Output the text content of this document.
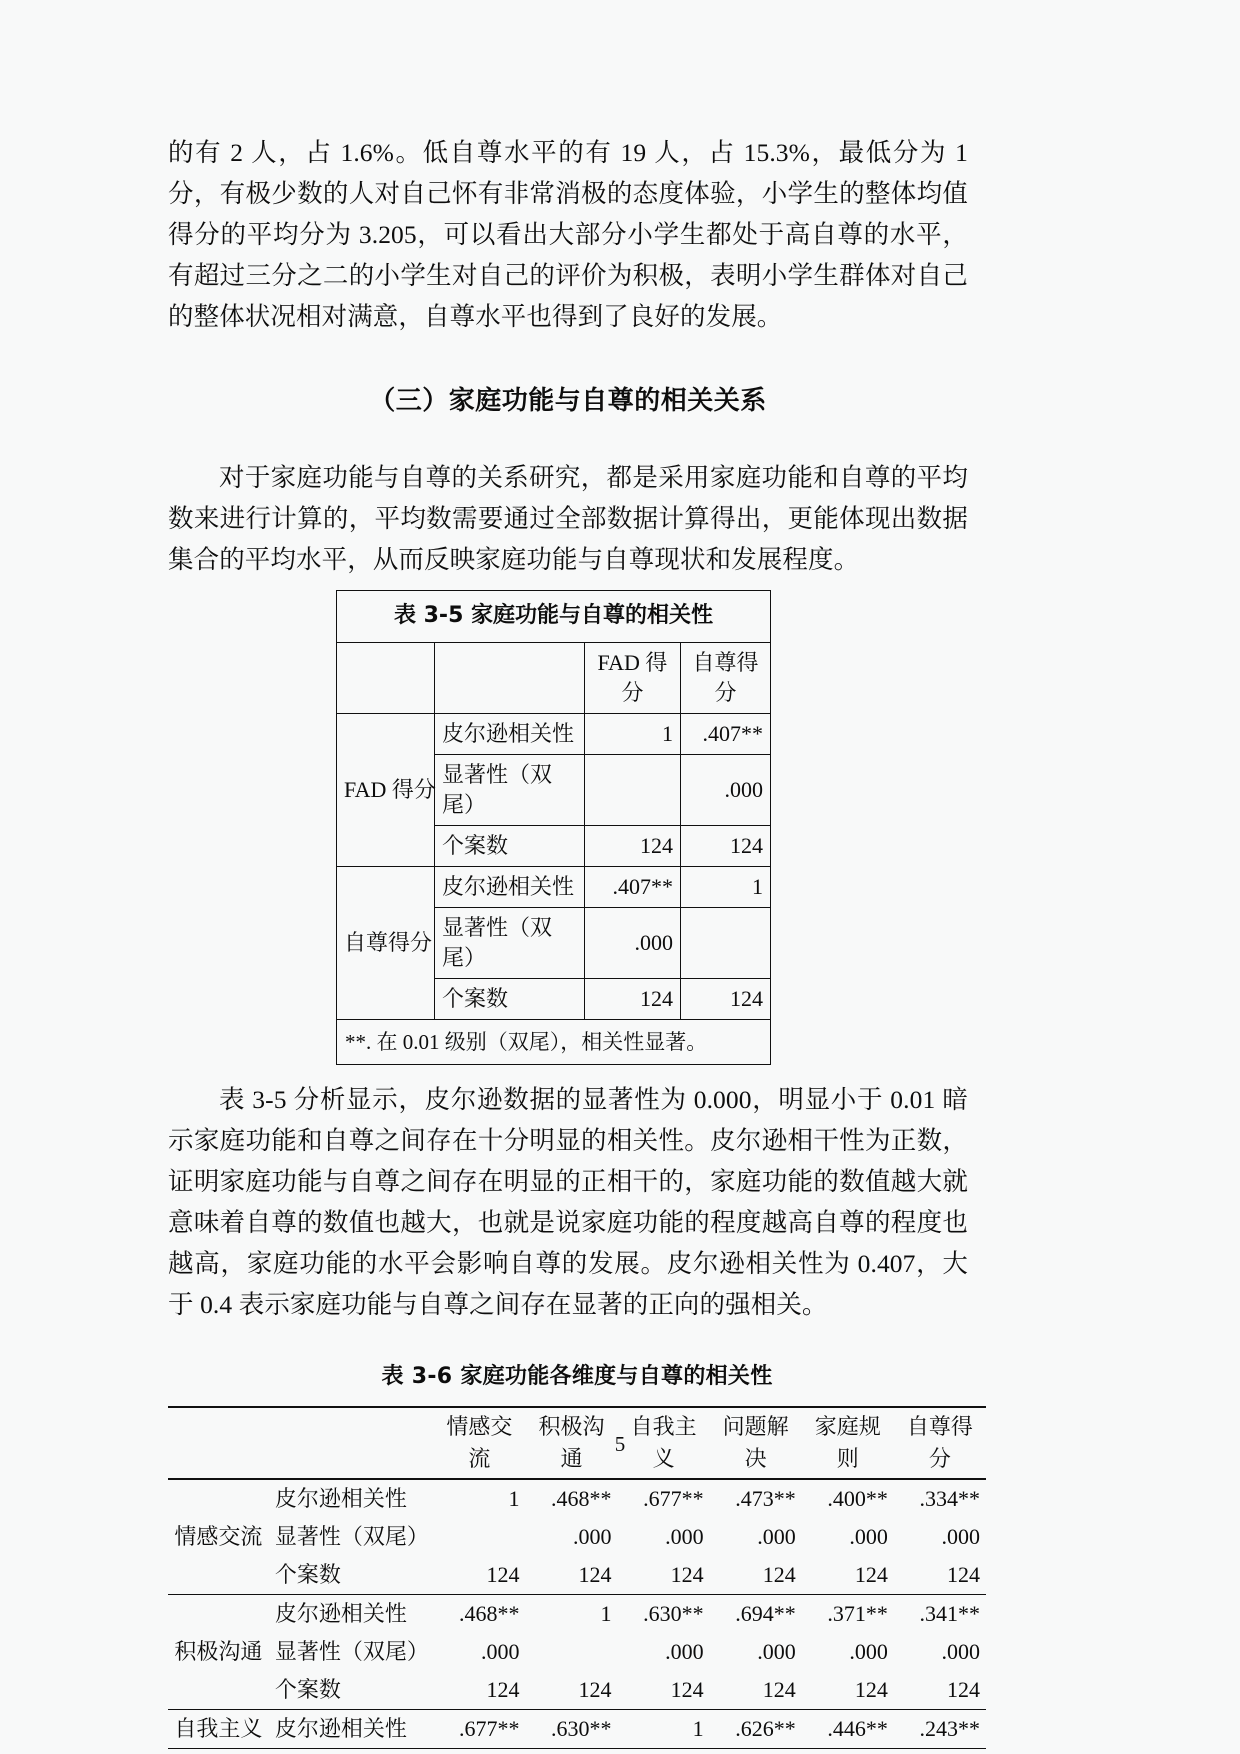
的有 2 人，占 1.6%。低自尊水平的有 19 人，占 15.3%，最低分为 1 分，有极少数的人对自己怀有非常消极的态度体验，小学生的整体均值得分的平均分为 3.205，可以看出大部分小学生都处于高自尊的水平，有超过三分之二的小学生对自己的评价为积极，表明小学生群体对自己的整体状况相对满意，自尊水平也得到了良好的发展。

（三）家庭功能与自尊的相关关系

对于家庭功能与自尊的关系研究，都是采用家庭功能和自尊的平均数来进行计算的，平均数需要通过全部数据计算得出，更能体现出数据集合的平均水平，从而反映家庭功能与自尊现状和发展程度。

表 3-5 家庭功能与自尊的相关性			
		FAD 得分	自尊得分
FAD 得分	皮尔逊相关性	1	.407**
	显著性（双尾）		.000
	个案数	124	124
自尊得分	皮尔逊相关性	.407**	1
	显著性（双尾）	.000	
	个案数	124	124
**. 在 0.01 级别（双尾），相关性显著。			

表 3-5 分析显示，皮尔逊数据的显著性为 0.000，明显小于 0.01 暗示家庭功能和自尊之间存在十分明显的相关性。皮尔逊相干性为正数，证明家庭功能与自尊之间存在明显的正相干的，家庭功能的数值越大就意味着自尊的数值也越大，也就是说家庭功能的程度越高自尊的程度也越高，家庭功能的水平会影响自尊的发展。皮尔逊相关性为 0.407，大于 0.4 表示家庭功能与自尊之间存在显著的正向的强相关。

表 3-6 家庭功能各维度与自尊的相关性
		情感交流	积极沟通	自我主义	问题解决	家庭规则	自尊得分
情感交流	皮尔逊相关性	1	.468**	.677**	.473**	.400**	.334**
	显著性（双尾）		.000	.000	.000	.000	.000
	个案数	124	124	124	124	124	124
积极沟通	皮尔逊相关性	.468**	1	.630**	.694**	.371**	.341**
	显著性（双尾）	.000		.000	.000	.000	.000
	个案数	124	124	124	124	124	124
自我主义	皮尔逊相关性	.677**	.630**	1	.626**	.446**	.243**
5
